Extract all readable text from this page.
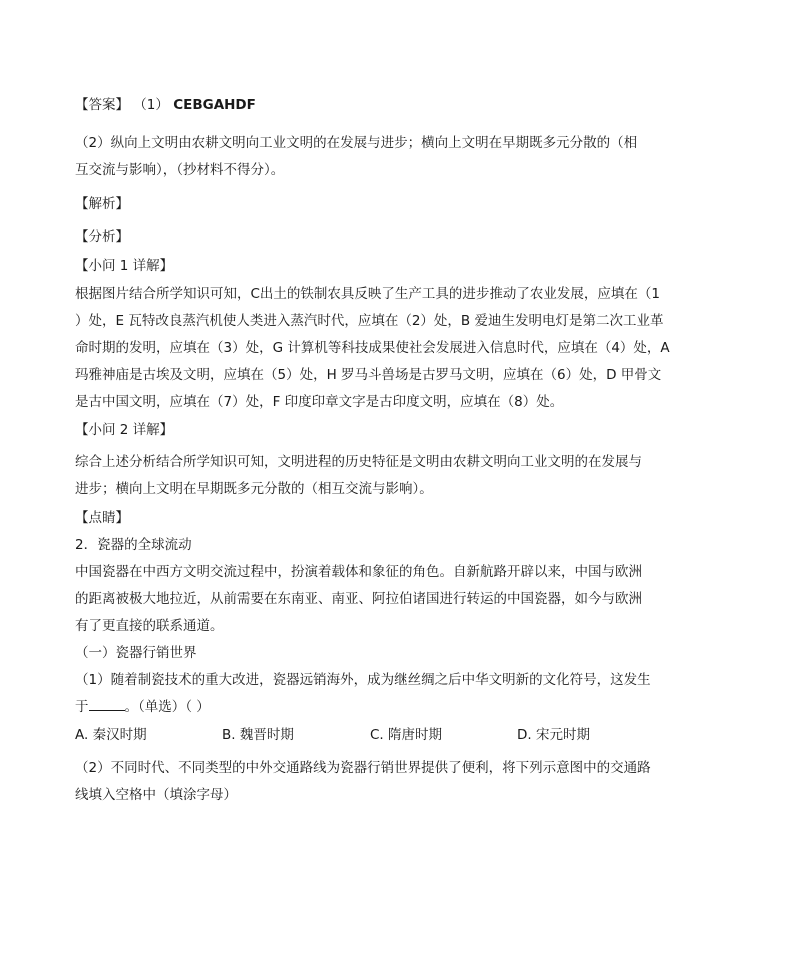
【答案】 （1） CEBGAHDF
（2）纵向上文明由农耕文明向工业文明的在发展与进步；横向上文明在早期既多元分散的（相
互交流与影响），（抄材料不得分）。
【解析】
【分析】
【小问 1 详解】
根据图片结合所学知识可知，C出土的铁制农具反映了生产工具的进步推动了农业发展，应填在（1
）处，E 瓦特改良蒸汽机使人类进入蒸汽时代，应填在（2）处，B 爱迪生发明电灯是第二次工业革
命时期的发明，应填在（3）处，G 计算机等科技成果使社会发展进入信息时代，应填在（4）处，A
玛雅神庙是古埃及文明，应填在（5）处，H 罗马斗兽场是古罗马文明，应填在（6）处，D 甲骨文
是古中国文明，应填在（7）处，F 印度印章文字是古印度文明，应填在（8）处。
【小问 2 详解】
综合上述分析结合所学知识可知，文明进程的历史特征是文明由农耕文明向工业文明的在发展与
进步；横向上文明在早期既多元分散的（相互交流与影响）。
【点睛】
2．瓷器的全球流动
中国瓷器在中西方文明交流过程中，扮演着载体和象征的角色。自新航路开辟以来，中国与欧洲
的距离被极大地拉近，从前需要在东南亚、南亚、阿拉伯诸国进行转运的中国瓷器，如今与欧洲
有了更直接的联系通道。
（一）瓷器行销世界
（1）随着制瓷技术的重大改进，瓷器远销海外，成为继丝绸之后中华文明新的文化符号，这发生
于	。（单选）（ ）
A. 秦汉时期	B. 魏晋时期	C. 隋唐时期	D. 宋元时期
（2）不同时代、不同类型的中外交通路线为瓷器行销世界提供了便利，将下列示意图中的交通路
线填入空格中（填涂字母）
